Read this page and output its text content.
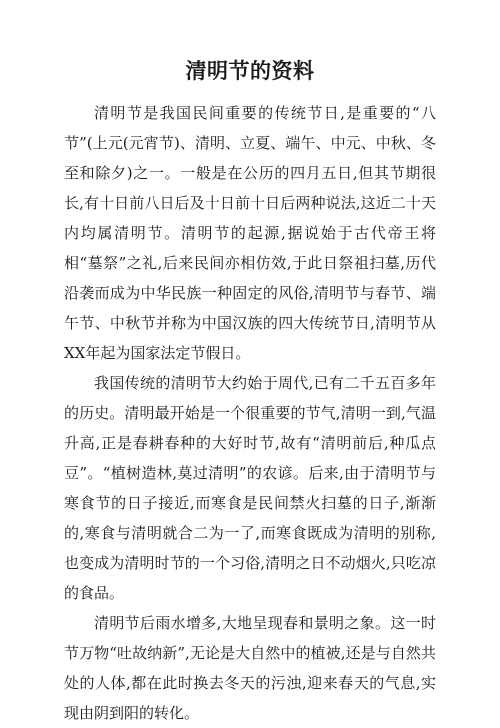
清明节的资料

清明节是我国民间重要的传统节日,是重要的“八节”(上元(元宵节)、清明、立夏、端午、中元、中秋、冬至和除夕)之一。一般是在公历的四月五日,但其节期很长,有十日前八日后及十日前十日后两种说法,这近二十天内均属清明节。清明节的起源,据说始于古代帝王将相“墓祭”之礼,后来民间亦相仿效,于此日祭祖扫墓,历代沿袭而成为中华民族一种固定的风俗,清明节与春节、端午节、中秋节并称为中国汉族的四大传统节日,清明节从XX年起为国家法定节假日。

我国传统的清明节大约始于周代,已有二千五百多年的历史。清明最开始是一个很重要的节气,清明一到,气温升高,正是春耕春种的大好时节,故有“清明前后,种瓜点豆”。“植树造林,莫过清明”的农谚。后来,由于清明节与寒食节的日子接近,而寒食是民间禁火扫墓的日子,渐渐的,寒食与清明就合二为一了,而寒食既成为清明的别称,也变成为清明时节的一个习俗,清明之日不动烟火,只吃凉的食品。

清明节后雨水增多,大地呈现春和景明之象。这一时节万物“吐故纳新”,无论是大自然中的植被,还是与自然共处的人体,都在此时换去冬天的污浊,迎来春天的气息,实现由阴到阳的转化。
